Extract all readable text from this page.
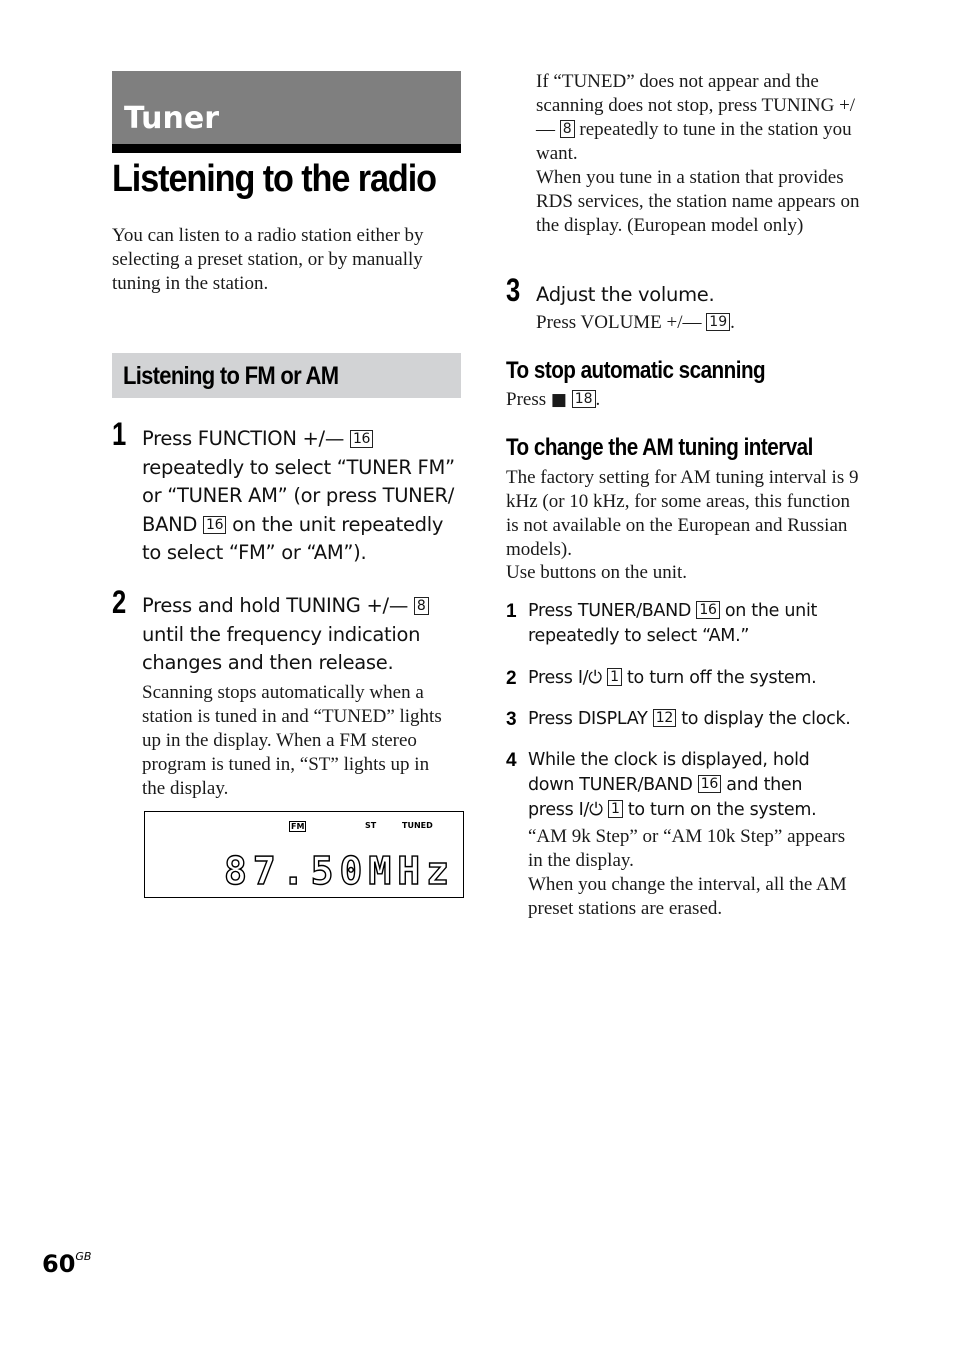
Tuner
Listening to the radio

You can listen to a radio station either by selecting a preset station, or by manually tuning in the station.

Listening to FM or AM
1 Press FUNCTION +/— 16 repeatedly to select “TUNER FM” or “TUNER AM” (or press TUNER/ BAND 16 on the unit repeatedly to select “FM” or “AM”).
2 Press and hold TUNING +/— 8 until the frequency indication changes and then release.

Scanning stops automatically when a station is tuned in and “TUNED” lights up in the display. When a FM stereo program is tuned in, “ST” lights up in the display.

FM	ST	TUNED
87.50MHz
If “TUNED” does not appear and the scanning does not stop, press TUNING +/— 8 repeatedly to tune in the station you want.
When you tune in a station that provides RDS services, the station name appears on the display. (European model only)
3 Adjust the volume.

Press VOLUME +/— 19 .

To stop automatic scanning

Press ■ 18 .

To change the AM tuning interval

The factory setting for AM tuning interval is 9 kHz (or 10 kHz, for some areas, this function is not available on the European and Russian models).

Use buttons on the unit.

1 Press TUNER/BAND 16 on the unit
repeatedly to select “AM.”
2 Press I/⏻ 1 to turn off the system.
3 Press DISPLAY 12 to display the clock.
4 While the clock is displayed, hold
down TUNER/BAND 16 and then
press I/⏻ 1 to turn on the system.

“AM 9k Step” or “AM 10k Step” appears in the display.

When you change the interval, all the AM preset stations are erased.

$60^{GB}$
